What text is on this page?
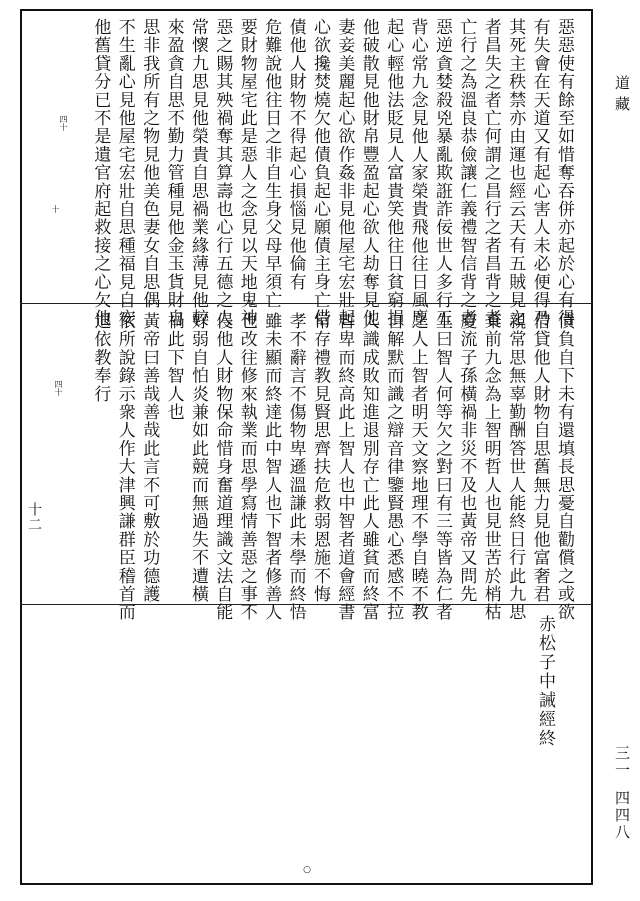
惡惡使有餘至如惜奪吞併亦起於心有得
有失會在天道又有起心害人未必便得乃
其死主秩禁亦由運也經云天有五賊見之
者昌失之者亡何謂之昌行之者昌背之者
亡行之為溫良恭儉讓仁義禮智信背之者
惡逆貪婪殺兇暴亂欺誑詐佞世人多行五
背心常九念見他人家榮貴飛他往日風塵
起心輕他法貶見人富貴笑他往日貧窮損
他破散見他財帛豐盈起心欲人劫奪見他
妻妾美麗起心欲作姦非見他屋宅宏壯起
心欲攙焚燒欠他債負起心願債主身亡借
債他人財物不得起心損惱見他倫有
危難說他往日之非自生身父母早須亡
要財物屋宅此是惡人之念見以天地鬼神
惡之賜其殃禍奪其算壽也心行五德之人
常懷九思見他榮貴自思禍業緣薄見他較
來盈貪自思不勤力管種見他金玉貨財自
思非我所有之物見他美色妻女自思偶
不生亂心見他屋宅宏壯自思種福見自安
他舊貸分已不是遺官府起救接之心欠他
債負自下未有還填長思憂自勸償之或欲
借貸他人財物自思舊無力見他富奢君
親常思無辜勤酬答世人能終日行此九思
棄前九念為上智明哲人也見世苦於梢枯
慶流子孫橫禍非災不及也黃帝又問先
生曰智人何等欠之對曰有三等皆為仁者
之人上智者明天文察地理不學自曉不教
自解默而識之辯音律鑒賢愚心悉感不拉
人識成敗知進退別存亡此人雖貧而終富
暫卑而終高此上智人也中智者道會經書
常存禮教見賢思齊扶危救弱恩施不悔
孝不辭言不傷物卑遜溫謙此未學而終悟
雖未顯而終達此中智人也下智者修善人
也改往修來執業而思學寫情善惡之事不
侵他人財物保命惜身奮道理識文法自能
好弱自怕炎兼如此競而無過失不遭橫
禍此下智人也
黃帝曰善哉善哉此言不可敷於功德護
依所說錄示衆人作大津興謙群臣稽首而
退依教奉行
赤松子中誡經終
四十
十
四十
十二
○
道藏
三一
四四八
